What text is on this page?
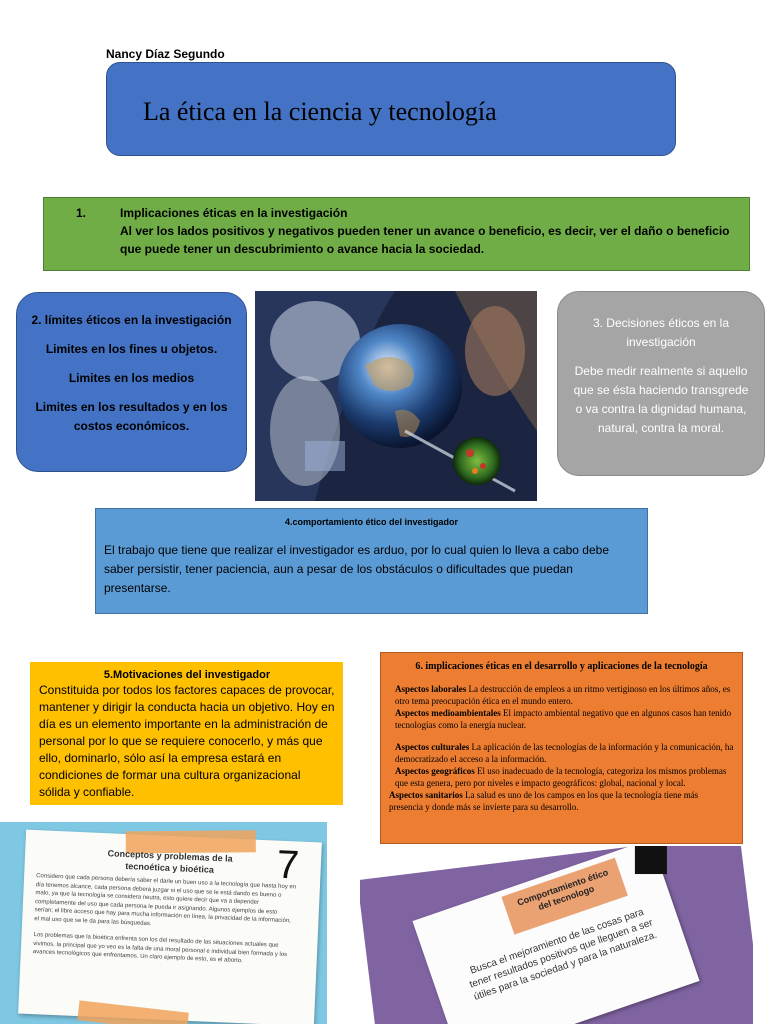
Nancy Díaz Segundo
La ética en la ciencia y tecnología
1.	Implicaciones éticas en la investigación
Al ver los lados positivos y negativos pueden tener un avance o beneficio, es decir, ver el daño o beneficio que puede tener un descubrimiento o avance hacia la sociedad.

2. límites éticos en la investigación

Limites en los fines u objetos.

Limites en los medios

Limites en los resultados y en los costos económicos.

3. Decisiones éticos en la investigación

Debe medir realmente si aquello que se ésta haciendo transgrede o va contra la dignidad humana, natural, contra la moral.

4.comportamiento ético del investigador
El trabajo que tiene que realizar el investigador es arduo, por lo cual quien lo lleva a cabo debe saber persistir, tener paciencia, aun a pesar de los obstáculos o dificultades que puedan presentarse.
5.Motivaciones del investigador
Constituida por todos los factores capaces de provocar, mantener y dirigir la conducta hacia un objetivo. Hoy en día es un elemento importante en la administración de personal por lo que se requiere conocerlo, y más que ello, dominarlo, sólo así la empresa estará en condiciones de formar una cultura organizacional sólida y confiable.
6. implicaciones éticas en el desarrollo y aplicaciones de la tecnología
Aspectos laborales La destrucción de empleos a un ritmo vertiginoso en los últimos años, es otro tema preocupación ética en el mundo entero.
Aspectos medioambientales El impacto ambiental negativo que en algunos casos han tenido tecnologías como la energía nuclear.
Aspectos culturales La aplicación de las tecnologías de la información y la comunicación, ha democratizado el acceso a la información.
Aspectos geográficos El uso inadecuado de la tecnología, categoriza los mismos problemas que esta genera, pero por niveles e impacto geográficos: global, nacional y local.
Aspectos sanitarios La salud es uno de los campos en los que la tecnología tiene más presencia y donde más se invierte para su desarrollo.
Conceptos y problemas de la tecnoética y bioética	7

Considero que cada persona debería saber el darle un buen uso a la tecnología que hasta hoy en día tenemos alcance, cada persona deberá juzgar si el uso que se le está dando es bueno o malo, ya que la tecnología se considera neutra, esto quiere decir que va a depender completamente del uso que cada persona le pueda ir asignando. Algunos ejemplos de esto serían; el libre acceso que hay para mucha información en línea, la privacidad de la información, el mal uso que se le da para las búsquedas.

Los problemas que la bioética enfrenta son los del resultado de las situaciones actuales que vivimos, la principal que yo veo es la falta de una moral personal e individual bien formada y los avances tecnológicos que enfrentamos. Un claro ejemplo de esto, es el aborto.

Comportamiento ético del tecnologo
Busca el mejoramiento de las cosas para tener resultados positivos que lleguen a ser útiles para la sociedad y para la naturaleza.
